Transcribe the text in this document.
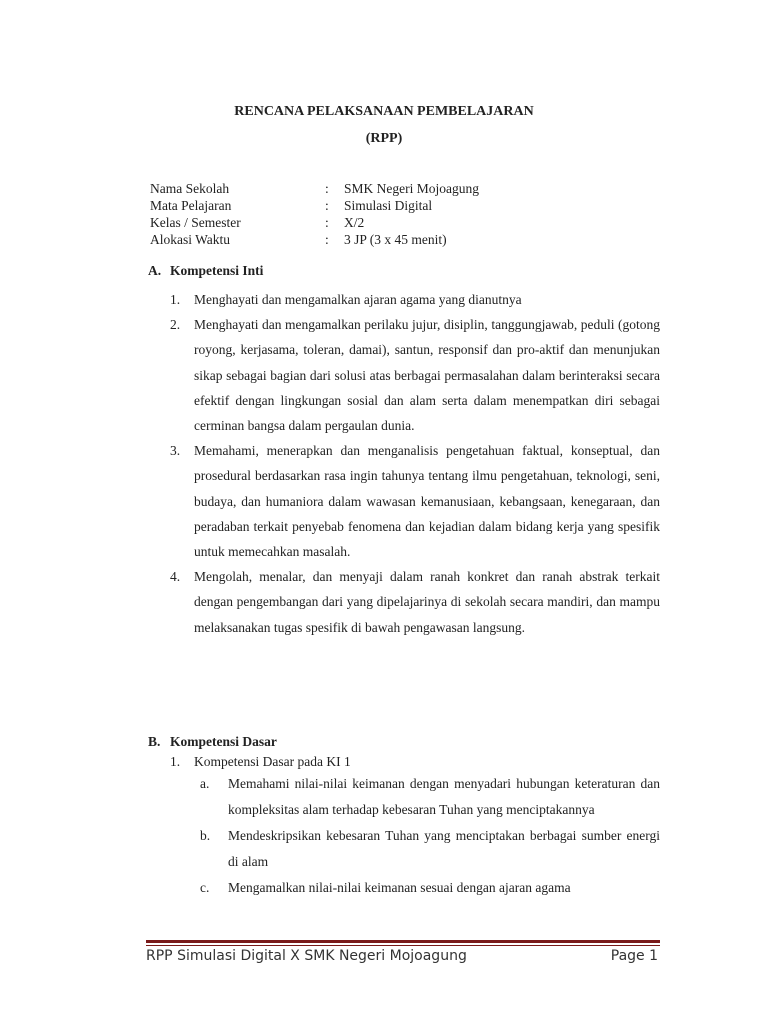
RENCANA PELAKSANAAN PEMBELAJARAN
(RPP)
Nama Sekolah	: SMK Negeri Mojoagung
Mata Pelajaran	: Simulasi Digital
Kelas / Semester	: X/2
Alokasi Waktu	: 3 JP (3 x 45 menit)
A. Kompetensi Inti
1. Menghayati dan mengamalkan ajaran agama yang dianutnya
2. Menghayati dan mengamalkan perilaku jujur, disiplin, tanggungjawab, peduli (gotong royong, kerjasama, toleran, damai), santun, responsif dan pro-aktif dan menunjukan sikap sebagai bagian dari solusi atas berbagai permasalahan dalam berinteraksi secara efektif dengan lingkungan sosial dan alam serta dalam menempatkan diri sebagai cerminan bangsa dalam pergaulan dunia.
3. Memahami, menerapkan dan menganalisis pengetahuan faktual, konseptual, dan prosedural berdasarkan rasa ingin tahunya tentang ilmu pengetahuan, teknologi, seni, budaya, dan humaniora dalam wawasan kemanusiaan, kebangsaan, kenegaraan, dan peradaban terkait penyebab fenomena dan kejadian dalam bidang kerja yang spesifik untuk memecahkan masalah.
4. Mengolah, menalar, dan menyaji dalam ranah konkret dan ranah abstrak terkait dengan pengembangan dari yang dipelajarinya di sekolah secara mandiri, dan mampu melaksanakan tugas spesifik di bawah pengawasan langsung.
B. Kompetensi Dasar
1. Kompetensi Dasar pada KI 1
a. Memahami nilai-nilai keimanan dengan menyadari hubungan keteraturan dan kompleksitas alam terhadap kebesaran Tuhan yang menciptakannya
b. Mendeskripsikan kebesaran Tuhan yang menciptakan berbagai sumber energi di alam
c. Mengamalkan nilai-nilai keimanan sesuai dengan ajaran agama
RPP Simulasi Digital X SMK Negeri Mojoagung	Page 1
